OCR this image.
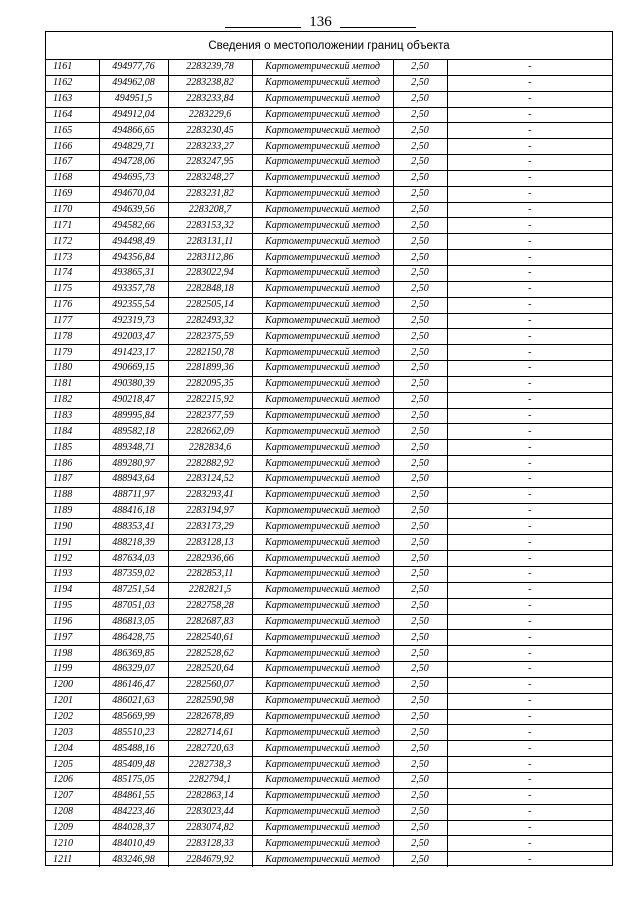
136
Сведения о местоположении границ объекта
1161	494977,76	2283239,78	Картометрический метод	2,50	-
1162	494962,08	2283238,82	Картометрический метод	2,50	-
1163	494951,5	2283233,84	Картометрический метод	2,50	-
1164	494912,04	2283229,6	Картометрический метод	2,50	-
1165	494866,65	2283230,45	Картометрический метод	2,50	-
1166	494829,71	2283233,27	Картометрический метод	2,50	-
1167	494728,06	2283247,95	Картометрический метод	2,50	-
1168	494695,73	2283248,27	Картометрический метод	2,50	-
1169	494670,04	2283231,82	Картометрический метод	2,50	-
1170	494639,56	2283208,7	Картометрический метод	2,50	-
1171	494582,66	2283153,32	Картометрический метод	2,50	-
1172	494498,49	2283131,11	Картометрический метод	2,50	-
1173	494356,84	2283112,86	Картометрический метод	2,50	-
1174	493865,31	2283022,94	Картометрический метод	2,50	-
1175	493357,78	2282848,18	Картометрический метод	2,50	-
1176	492355,54	2282505,14	Картометрический метод	2,50	-
1177	492319,73	2282493,32	Картометрический метод	2,50	-
1178	492003,47	2282375,59	Картометрический метод	2,50	-
1179	491423,17	2282150,78	Картометрический метод	2,50	-
1180	490669,15	2281899,36	Картометрический метод	2,50	-
1181	490380,39	2282095,35	Картометрический метод	2,50	-
1182	490218,47	2282215,92	Картометрический метод	2,50	-
1183	489995,84	2282377,59	Картометрический метод	2,50	-
1184	489582,18	2282662,09	Картометрический метод	2,50	-
1185	489348,71	2282834,6	Картометрический метод	2,50	-
1186	489280,97	2282882,92	Картометрический метод	2,50	-
1187	488943,64	2283124,52	Картометрический метод	2,50	-
1188	488711,97	2283293,41	Картометрический метод	2,50	-
1189	488416,18	2283194,97	Картометрический метод	2,50	-
1190	488353,41	2283173,29	Картометрический метод	2,50	-
1191	488218,39	2283128,13	Картометрический метод	2,50	-
1192	487634,03	2282936,66	Картометрический метод	2,50	-
1193	487359,02	2282853,11	Картометрический метод	2,50	-
1194	487251,54	2282821,5	Картометрический метод	2,50	-
1195	487051,03	2282758,28	Картометрический метод	2,50	-
1196	486813,05	2282687,83	Картометрический метод	2,50	-
1197	486428,75	2282540,61	Картометрический метод	2,50	-
1198	486369,85	2282528,62	Картометрический метод	2,50	-
1199	486329,07	2282520,64	Картометрический метод	2,50	-
1200	486146,47	2282560,07	Картометрический метод	2,50	-
1201	486021,63	2282590,98	Картометрический метод	2,50	-
1202	485669,99	2282678,89	Картометрический метод	2,50	-
1203	485510,23	2282714,61	Картометрический метод	2,50	-
1204	485488,16	2282720,63	Картометрический метод	2,50	-
1205	485409,48	2282738,3	Картометрический метод	2,50	-
1206	485175,05	2282794,1	Картометрический метод	2,50	-
1207	484861,55	2282863,14	Картометрический метод	2,50	-
1208	484223,46	2283023,44	Картометрический метод	2,50	-
1209	484028,37	2283074,82	Картометрический метод	2,50	-
1210	484010,49	2283128,33	Картометрический метод	2,50	-
1211	483246,98	2284679,92	Картометрический метод	2,50	-
